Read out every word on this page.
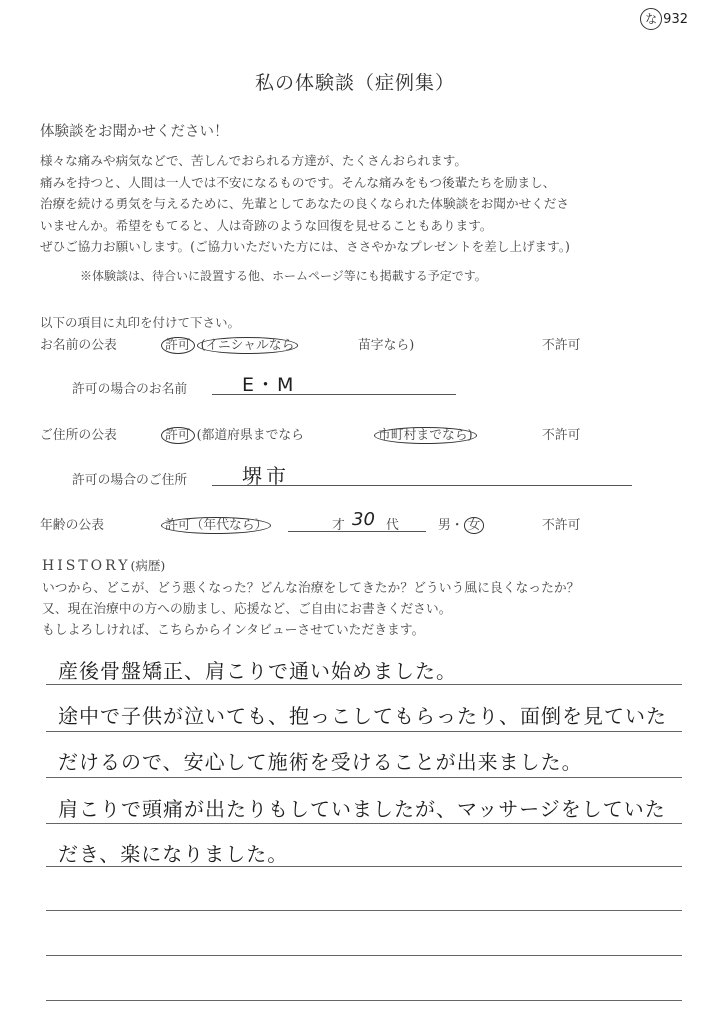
な 932
私の体験談（症例集）
体験談をお聞かせください！
様々な痛みや病気などで、苦しんでおられる方達が、たくさんおられます。
痛みを持つと、人間は一人では不安になるものです。そんな痛みをもつ後輩たちを励まし、
治療を続ける勇気を与えるために、先輩としてあなたの良くなられた体験談をお聞かせくださ
いませんか。希望をもてると、人は奇跡のような回復を見せることもあります。
ぜひご協力お願いします。(ご協力いただいた方には、ささやかなプレゼントを差し上げます。)
※体験談は、待合いに設置する他、ホームページ等にも掲載する予定です。
以下の項目に丸印を付けて下さい。
お名前の公表	許可 (イニシャルなら	苗字なら)	不許可
許可の場合のお名前	E・M
ご住所の公表	許可 (都道府県までなら	市町村までなら)	不許可
許可の場合のご住所	堺市
年齢の公表	許可（年代なら）	才 30 代	男・ 女	不許可
HISTORY(病歴)
いつから、どこが、どう悪くなった？どんな治療をしてきたか？どういう風に良くなったか？
又、現在治療中の方への励まし、応援など、ご自由にお書きください。
もしよろしければ、こちらからインタビューさせていただきます。
産後骨盤矯正、肩こりで通い始めました。
途中で子供が泣いても、抱っこしてもらったり、面倒を見ていた
だけるので、安心して施術を受けることが出来ました。
肩こりで頭痛が出たりもしていましたが、マッサージをしていた
だき、楽になりました。
